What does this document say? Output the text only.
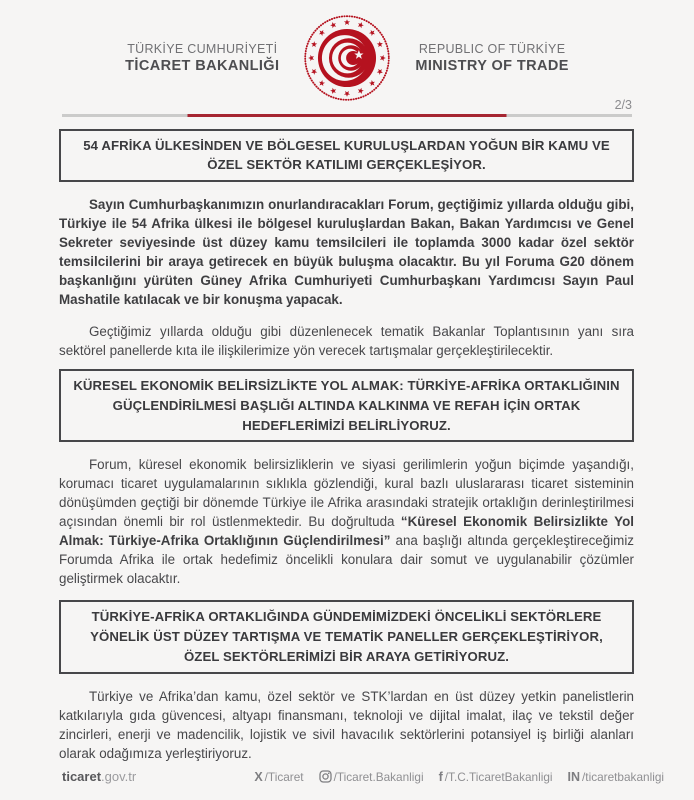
TÜRKİYE CUMHURİYETİ
TİCARET BAKANLIĞI
REPUBLIC OF TÜRKİYE
MINISTRY OF TRADE
2/3
54 AFRİKA ÜLKESİNDEN VE BÖLGESEL KURULUŞLARDAN YOĞUN BİR KAMU VE ÖZEL SEKTÖR KATILIMI GERÇEKLEŞİYOR.

Sayın Cumhurbaşkanımızın onurlandıracakları Forum, geçtiğimiz yıllarda olduğu gibi, Türkiye ile 54 Afrika ülkesi ile bölgesel kuruluşlardan Bakan, Bakan Yardımcısı ve Genel Sekreter seviyesinde üst düzey kamu temsilcileri ile toplamda 3000 kadar özel sektör temsilcilerini bir araya getirecek en büyük buluşma olacaktır. Bu yıl Foruma G20 dönem başkanlığını yürüten Güney Afrika Cumhuriyeti Cumhurbaşkanı Yardımcısı Sayın Paul Mashatile katılacak ve bir konuşma yapacak.

Geçtiğimiz yıllarda olduğu gibi düzenlenecek tematik Bakanlar Toplantısının yanı sıra sektörel panellerde kıta ile ilişkilerimize yön verecek tartışmalar gerçekleştirilecektir.

KÜRESEL EKONOMİK BELİRSİZLİKTE YOL ALMAK: TÜRKİYE-AFRİKA ORTAKLIĞININ GÜÇLENDİRİLMESİ BAŞLIĞI ALTINDA KALKINMA VE REFAH İÇİN ORTAK HEDEFLERİMİZİ BELİRLİYORUZ.

Forum, küresel ekonomik belirsizliklerin ve siyasi gerilimlerin yoğun biçimde yaşandığı, korumacı ticaret uygulamalarının sıklıkla gözlendiği, kural bazlı uluslararası ticaret sisteminin dönüşümden geçtiği bir dönemde Türkiye ile Afrika arasındaki stratejik ortaklığın derinleştirilmesi açısından önemli bir rol üstlenmektedir. Bu doğrultuda “Küresel Ekonomik Belirsizlikte Yol Almak: Türkiye-Afrika Ortaklığının Güçlendirilmesi” ana başlığı altında gerçekleştireceğimiz Forumda Afrika ile ortak hedefimiz öncelikli konulara dair somut ve uygulanabilir çözümler geliştirmek olacaktır.

TÜRKİYE-AFRİKA ORTAKLIĞINDA GÜNDEMİMİZDEKİ ÖNCELİKLİ SEKTÖRLERE YÖNELİK ÜST DÜZEY TARTIŞMA VE TEMATİK PANELLER GERÇEKLEŞTİRİYOR, ÖZEL SEKTÖRLERİMİZİ BİR ARAYA GETİRİYORUZ.

Türkiye ve Afrika’dan kamu, özel sektör ve STK’lardan en üst düzey yetkin panelistlerin katkılarıyla gıda güvencesi, altyapı finansmanı, teknoloji ve dijital imalat, ilaç ve tekstil değer zincirleri, enerji ve madencilik, lojistik ve sivil havacılık sektörlerini potansiyel iş birliği alanları olarak odağımıza yerleştiriyoruz.

ticaret.gov.tr	X /Ticaret	/Ticaret.Bakanligi f /T.C.TicaretBakanligi IN /ticaretbakanligi
